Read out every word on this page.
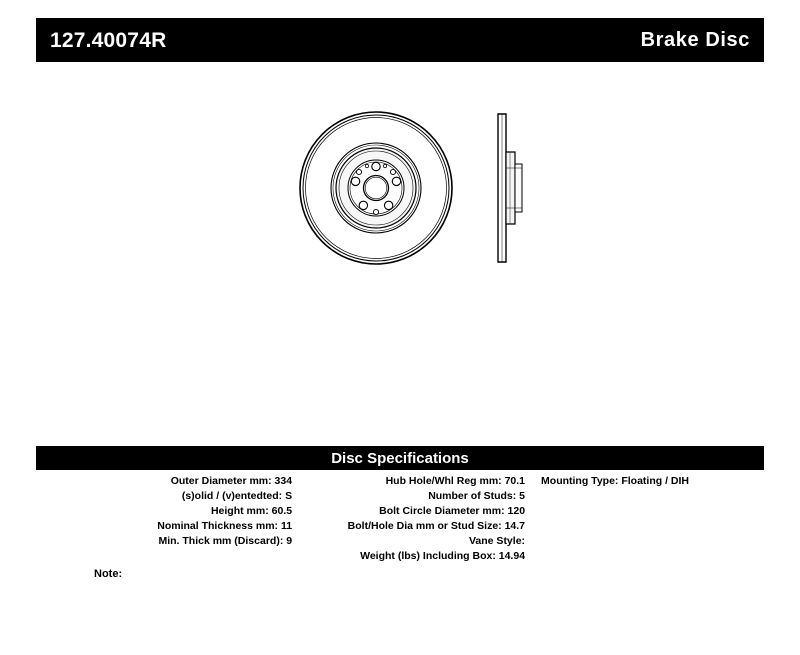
127.40074R	Brake Disc
Disc Specifications
Outer Diameter mm: 334
(s)olid / (v)entedted: S
Height mm: 60.5
Nominal Thickness mm: 11
Min. Thick mm (Discard): 9
Hub Hole/Whl Reg mm: 70.1
Number of Studs: 5
Bolt Circle Diameter mm: 120
Bolt/Hole Dia mm or Stud Size: 14.7
Vane Style:
Weight (lbs) Including Box: 14.94
Mounting Type: Floating / DIH
Note:
